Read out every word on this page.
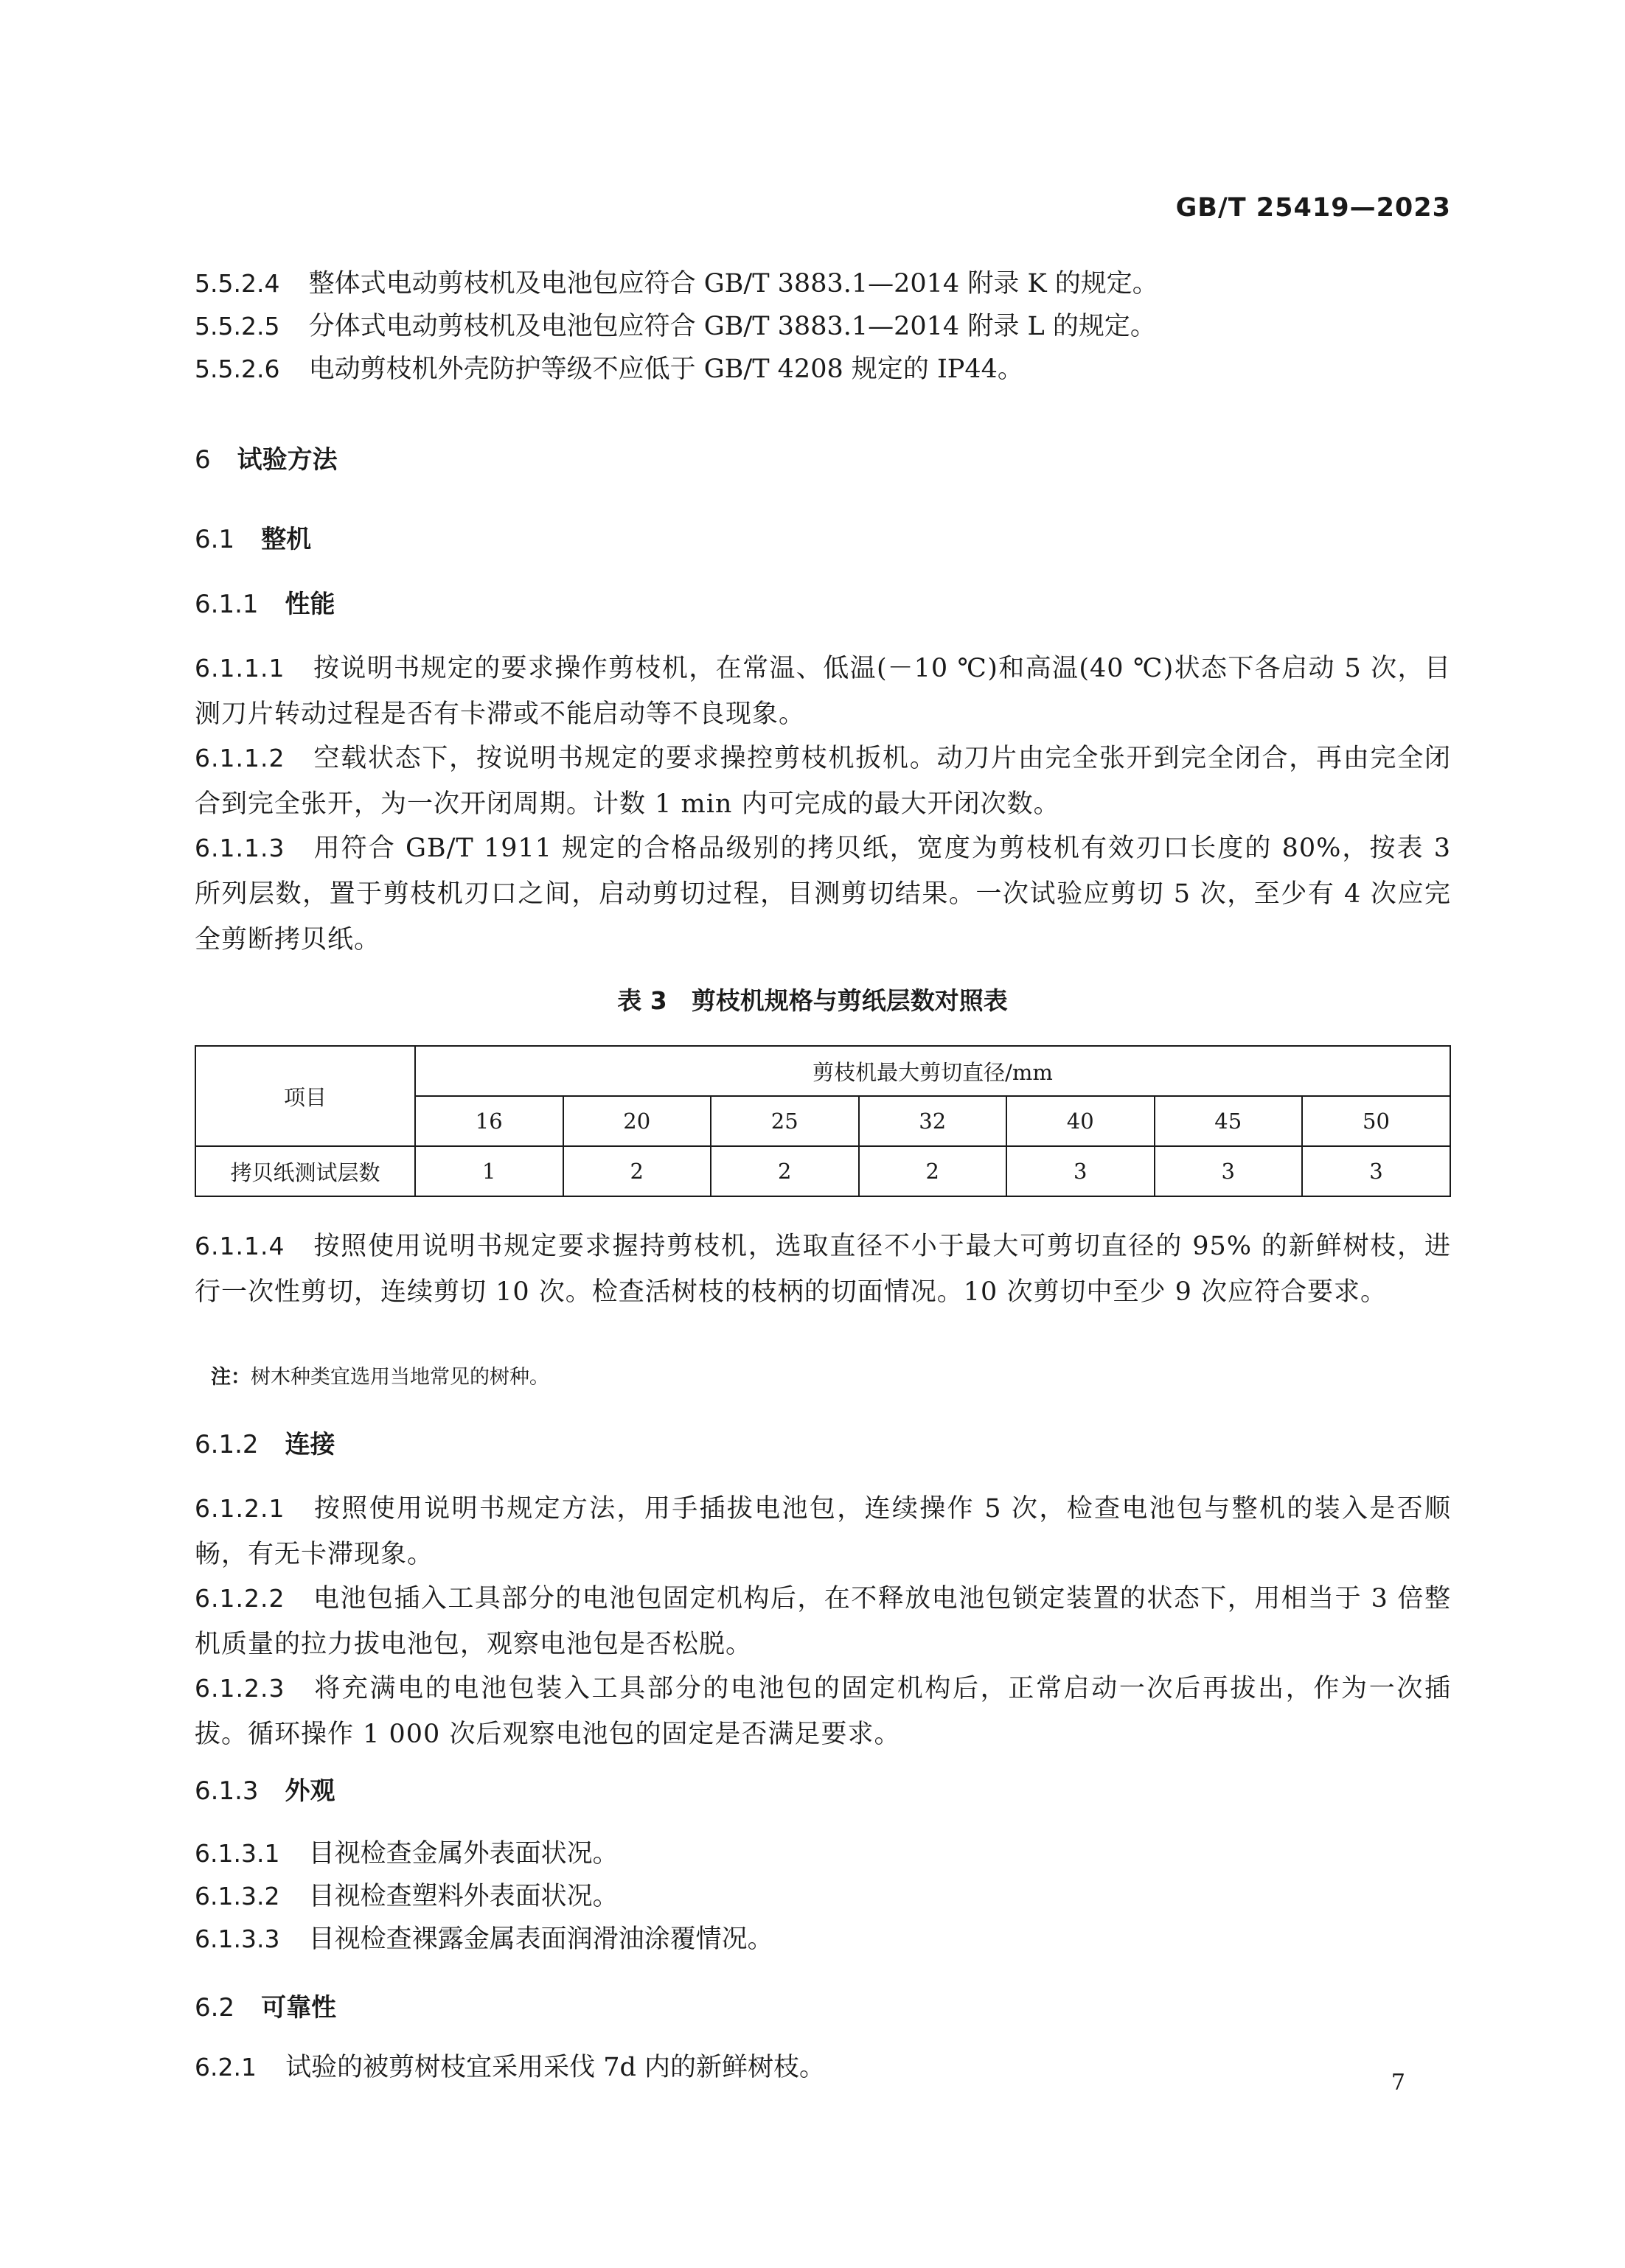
GB/T 25419—2023
5.5.2.4 整体式电动剪枝机及电池包应符合 GB/T 3883.1—2014 附录 K 的规定。
5.5.2.5 分体式电动剪枝机及电池包应符合 GB/T 3883.1—2014 附录 L 的规定。
5.5.2.6 电动剪枝机外壳防护等级不应低于 GB/T 4208 规定的 IP44。
6 试验方法
6.1 整机
6.1.1 性能
6.1.1.1 按说明书规定的要求操作剪枝机，在常温、低温(－10 ℃)和高温(40 ℃)状态下各启动 5 次，目测刀片转动过程是否有卡滞或不能启动等不良现象。
6.1.1.2 空载状态下，按说明书规定的要求操控剪枝机扳机。动刀片由完全张开到完全闭合，再由完全闭合到完全张开，为一次开闭周期。计数 1 min 内可完成的最大开闭次数。
6.1.1.3 用符合 GB/T 1911 规定的合格品级别的拷贝纸，宽度为剪枝机有效刃口长度的 80%，按表 3 所列层数，置于剪枝机刃口之间，启动剪切过程，目测剪切结果。一次试验应剪切 5 次，至少有 4 次应完全剪断拷贝纸。
表 3　剪枝机规格与剪纸层数对照表
项目	剪枝机最大剪切直径/mm						
	16	20	25	32	40	45	50
拷贝纸测试层数	1	2	2	2	3	3	3
6.1.1.4 按照使用说明书规定要求握持剪枝机，选取直径不小于最大可剪切直径的 95% 的新鲜树枝，进行一次性剪切，连续剪切 10 次。检查活树枝的枝柄的切面情况。10 次剪切中至少 9 次应符合要求。
注：树木种类宜选用当地常见的树种。
6.1.2 连接
6.1.2.1 按照使用说明书规定方法，用手插拔电池包，连续操作 5 次，检查电池包与整机的装入是否顺畅，有无卡滞现象。
6.1.2.2 电池包插入工具部分的电池包固定机构后，在不释放电池包锁定装置的状态下，用相当于 3 倍整机质量的拉力拔电池包，观察电池包是否松脱。
6.1.2.3 将充满电的电池包装入工具部分的电池包的固定机构后，正常启动一次后再拔出，作为一次插拔。循环操作 1 000 次后观察电池包的固定是否满足要求。
6.1.3 外观
6.1.3.1 目视检查金属外表面状况。
6.1.3.2 目视检查塑料外表面状况。
6.1.3.3 目视检查裸露金属表面润滑油涂覆情况。
6.2 可靠性
6.2.1 试验的被剪树枝宜采用采伐 7d 内的新鲜树枝。
7
